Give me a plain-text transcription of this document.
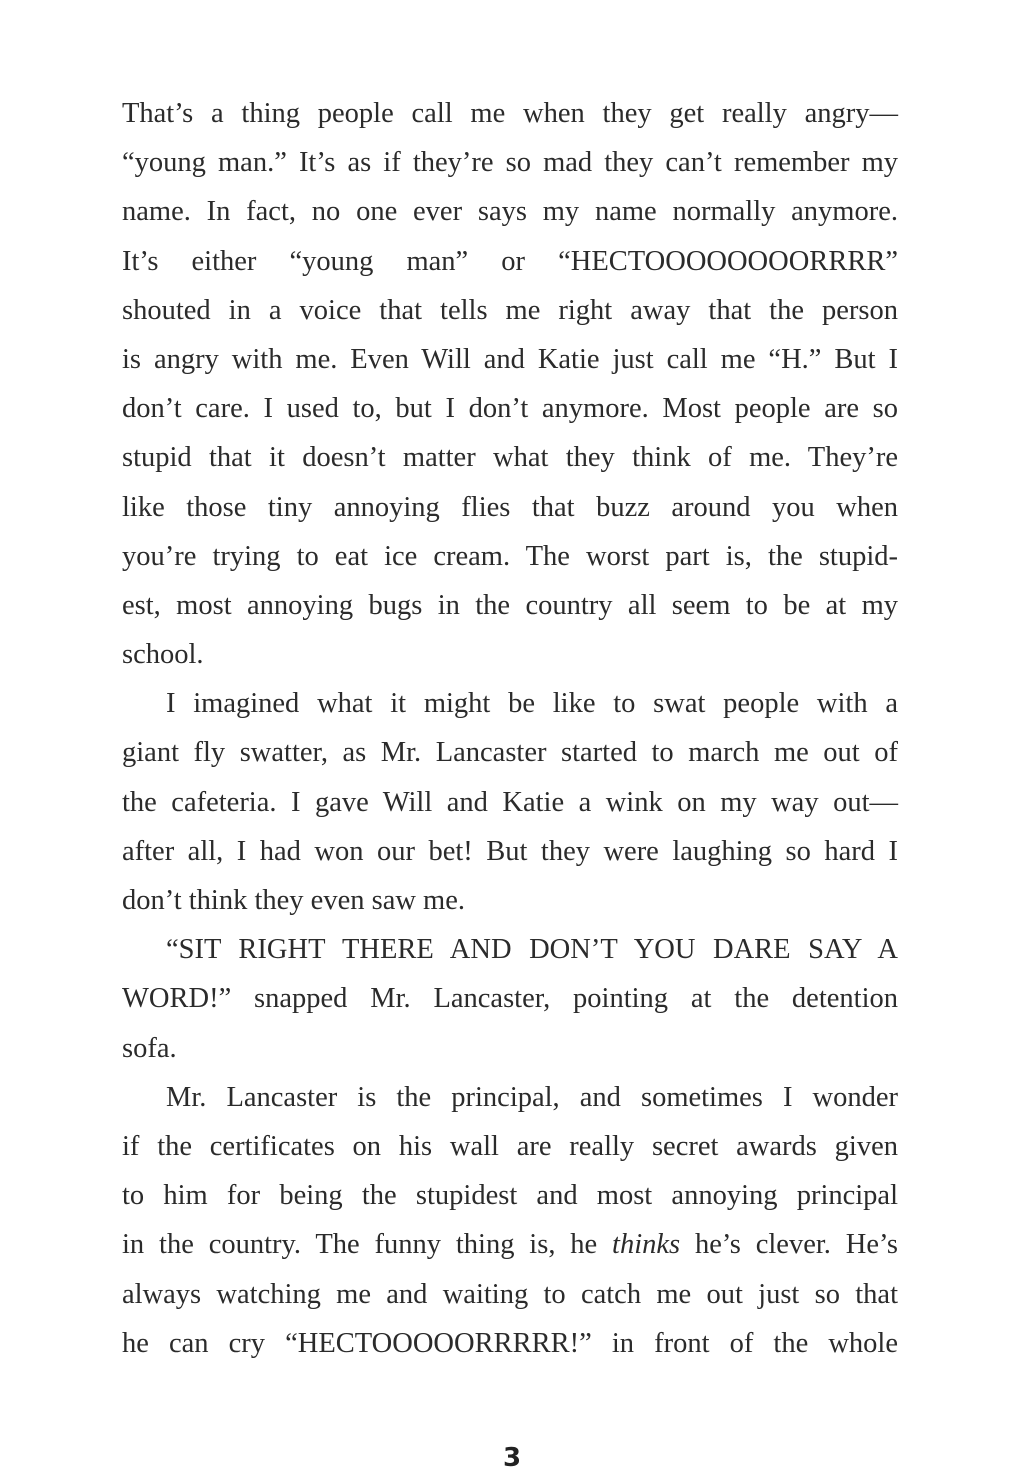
That’s a thing people call me when they get really angry—
“young man.” It’s as if they’re so mad they can’t remember my
name. In fact, no one ever says my name normally anymore.
It’s either “young man” or “HECTOOOOOOOORRRR”
shouted in a voice that tells me right away that the person
is angry with me. Even Will and Katie just call me “H.” But I
don’t care. I used to, but I don’t anymore. Most people are so
stupid that it doesn’t matter what they think of me. They’re
like those tiny annoying flies that buzz around you when
you’re trying to eat ice cream. The worst part is, the stupid-
est, most annoying bugs in the country all seem to be at my
school.
I imagined what it might be like to swat people with a
giant fly swatter, as Mr. Lancaster started to march me out of
the cafeteria. I gave Will and Katie a wink on my way out—
after all, I had won our bet! But they were laughing so hard I
don’t think they even saw me.
“SIT RIGHT THERE AND DON’T YOU DARE SAY A
WORD!” snapped Mr. Lancaster, pointing at the detention
sofa.
Mr. Lancaster is the principal, and sometimes I wonder
if the certificates on his wall are really secret awards given
to him for being the stupidest and most annoying principal
in the country. The funny thing is, he thinks he’s clever. He’s
always watching me and waiting to catch me out just so that
he can cry “HECTOOOOORRRRR!” in front of the whole
3
